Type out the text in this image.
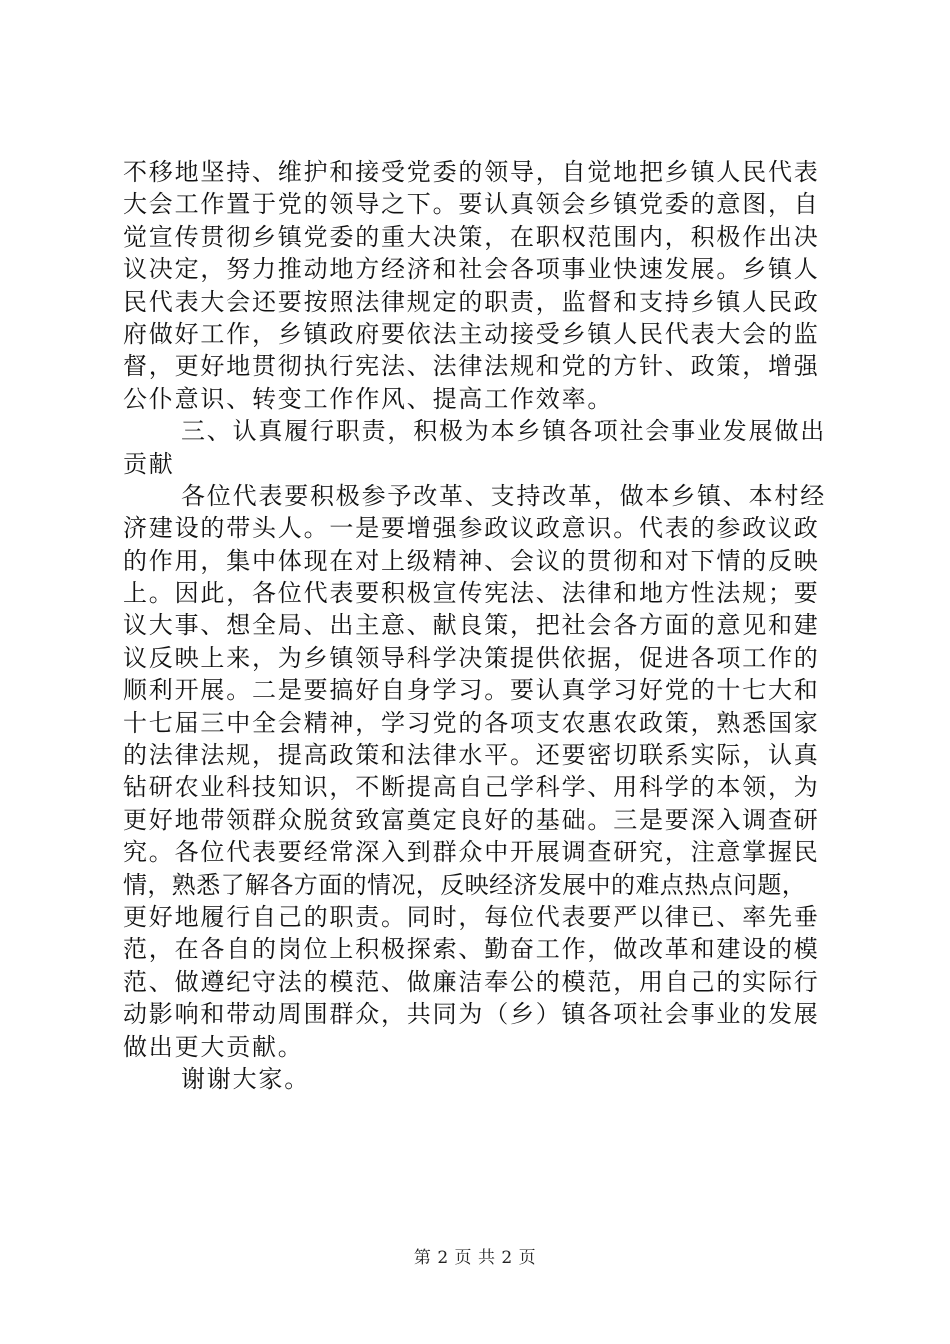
不移地坚持、维护和接受党委的领导，自觉地把乡镇人民代表
大会工作置于党的领导之下。要认真领会乡镇党委的意图，自
觉宣传贯彻乡镇党委的重大决策，在职权范围内，积极作出决
议决定，努力推动地方经济和社会各项事业快速发展。乡镇人
民代表大会还要按照法律规定的职责，监督和支持乡镇人民政
府做好工作，乡镇政府要依法主动接受乡镇人民代表大会的监
督，更好地贯彻执行宪法、法律法规和党的方针、政策，增强
公仆意识、转变工作作风、提高工作效率。
三、认真履行职责，积极为本乡镇各项社会事业发展做出
贡献
各位代表要积极参予改革、支持改革，做本乡镇、本村经
济建设的带头人。一是要增强参政议政意识。代表的参政议政
的作用，集中体现在对上级精神、会议的贯彻和对下情的反映
上。因此，各位代表要积极宣传宪法、法律和地方性法规；要
议大事、想全局、出主意、献良策，把社会各方面的意见和建
议反映上来，为乡镇领导科学决策提供依据，促进各项工作的
顺利开展。二是要搞好自身学习。要认真学习好党的十七大和
十七届三中全会精神，学习党的各项支农惠农政策，熟悉国家
的法律法规，提高政策和法律水平。还要密切联系实际，认真
钻研农业科技知识，不断提高自己学科学、用科学的本领，为
更好地带领群众脱贫致富奠定良好的基础。三是要深入调查研
究。各位代表要经常深入到群众中开展调查研究，注意掌握民
情，熟悉了解各方面的情况，反映经济发展中的难点热点问题，
更好地履行自己的职责。同时，每位代表要严以律已、率先垂
范，在各自的岗位上积极探索、勤奋工作，做改革和建设的模
范、做遵纪守法的模范、做廉洁奉公的模范，用自己的实际行
动影响和带动周围群众，共同为（乡）镇各项社会事业的发展
做出更大贡献。
谢谢大家。
第 2 页 共 2 页
